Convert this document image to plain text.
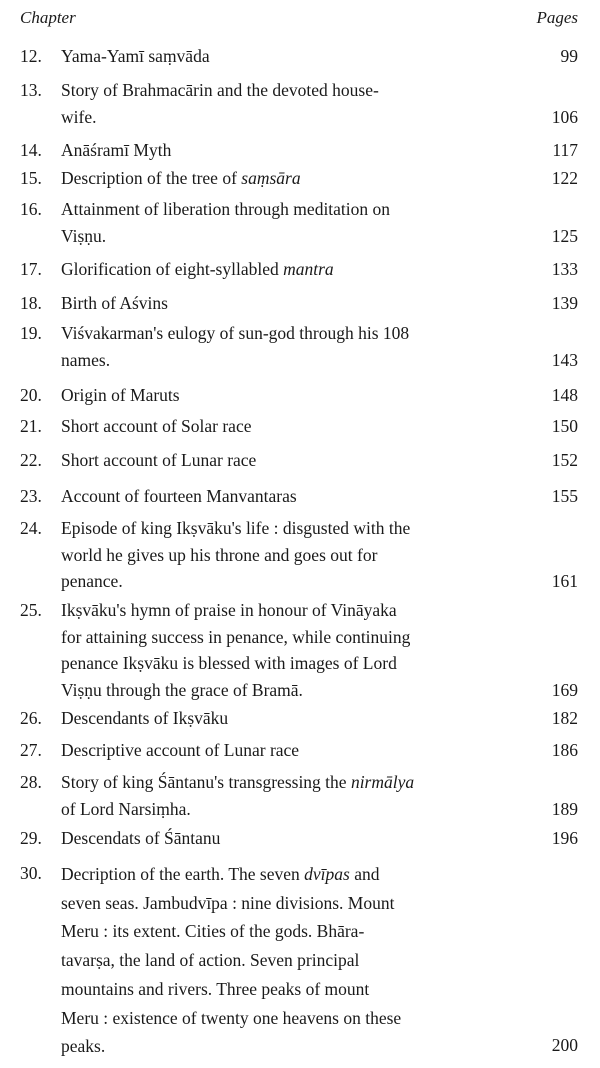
Chapter	Pages
12.	Yama-Yamī saṃvāda	99
13.	Story of Brahmacārin and the devoted house-
wife.	106
14.	Anāśramī Myth	117
15.	Description of the tree of saṃsāra	122
16.	Attainment of liberation through meditation on
Viṣṇu.	125
17.	Glorification of eight-syllabled mantra	133
18.	Birth of Aśvins	139
19.	Viśvakarman's eulogy of sun-god through his 108
names.	143
20.	Origin of Maruts	148
21.	Short account of Solar race	150
22.	Short account of Lunar race	152
23.	Account of fourteen Manvantaras	155
24.	Episode of king Ikṣvāku's life : disgusted with the
world he gives up his throne and goes out for
penance.	161
25.	Ikṣvāku's hymn of praise in honour of Vināyaka
for attaining success in penance, while continuing
penance Ikṣvāku is blessed with images of Lord
Viṣṇu through the grace of Bramā.	169
26.	Descendants of Ikṣvāku	182
27.	Descriptive account of Lunar race	186
28.	Story of king Śāntanu's transgressing the nirmālya
of Lord Narsiṃha.	189
29.	Descendats of Śāntanu	196
30.	Decription of the earth. The seven dvīpas and
seven seas. Jambudvīpa : nine divisions. Mount
Meru : its extent. Cities of the gods. Bhāra-
tavarṣa, the land of action. Seven principal
mountains and rivers. Three peaks of mount
Meru : existence of twenty one heavens on these
peaks.	200
